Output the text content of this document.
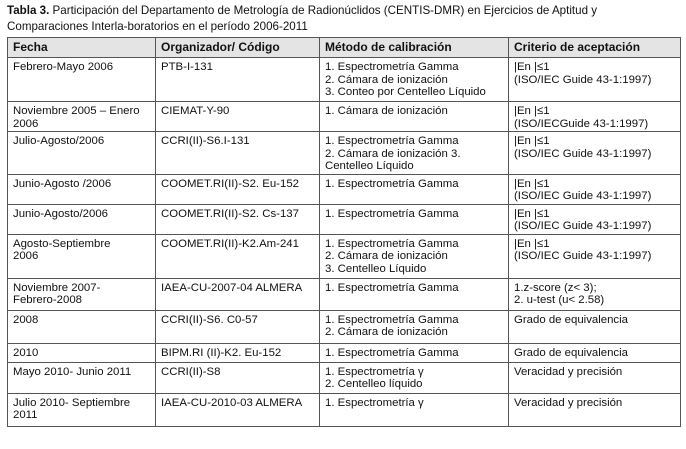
Tabla 3. Participación del Departamento de Metrología de Radionúclidos (CENTIS-DMR) en Ejercicios de Aptitud y Comparaciones Interla-boratorios en el período 2006-2011
Fecha	Organizador/ Código	Método de calibración	Criterio de aceptación

Febrero-Mayo 2006	PTB-I-131	1. Espectrometría Gamma
2. Cámara de ionización
3. Conteo por Centelleo Líquido	|En |≤1
(ISO/IEC Guide 43-1:1997)

Noviembre 2005 – Enero
2006	CIEMAT-Y-90	1. Cámara de ionización	|En |≤1
(ISO/IECGuide 43-1:1997)

Julio-Agosto/2006	CCRI(II)-S6.I-131	1. Espectrometría Gamma
2. Cámara de ionización 3.
Centelleo Líquido	|En |≤1
(ISO/IEC Guide 43-1:1997)

Junio-Agosto /2006	COOMET.RI(II)-S2. Eu-152	1. Espectrometría Gamma	|En |≤1
(ISO/IEC Guide 43-1:1997)

Junio-Agosto/2006	COOMET.RI(II)-S2. Cs-137	1. Espectrometría Gamma	|En |≤1
(ISO/IEC Guide 43-1:1997)

Agosto-Septiembre
2006	COOMET.RI(II)-K2.Am-241	1. Espectrometría Gamma
2. Cámara de ionización
3. Centelleo Líquido	|En |≤1
(ISO/IEC Guide 43-1:1997)

Noviembre 2007-
Febrero-2008	IAEA-CU-2007-04 ALMERA	1. Espectrometría Gamma	1.z-score (z< 3);
2. u-test (u< 2.58)

2008	CCRI(II)-S6. C0-57	1. Espectrometría Gamma
2. Cámara de ionización	Grado de equivalencia

2010	BIPM.RI (II)-K2. Eu-152	1. Espectrometría Gamma	Grado de equivalencia

Mayo 2010- Junio 2011	CCRI(II)-S8	1. Espectrometría γ
2. Centelleo líquido	Veracidad y precisión

Julio 2010- Septiembre
2011	IAEA-CU-2010-03 ALMERA	1. Espectrometría γ	Veracidad y precisión
